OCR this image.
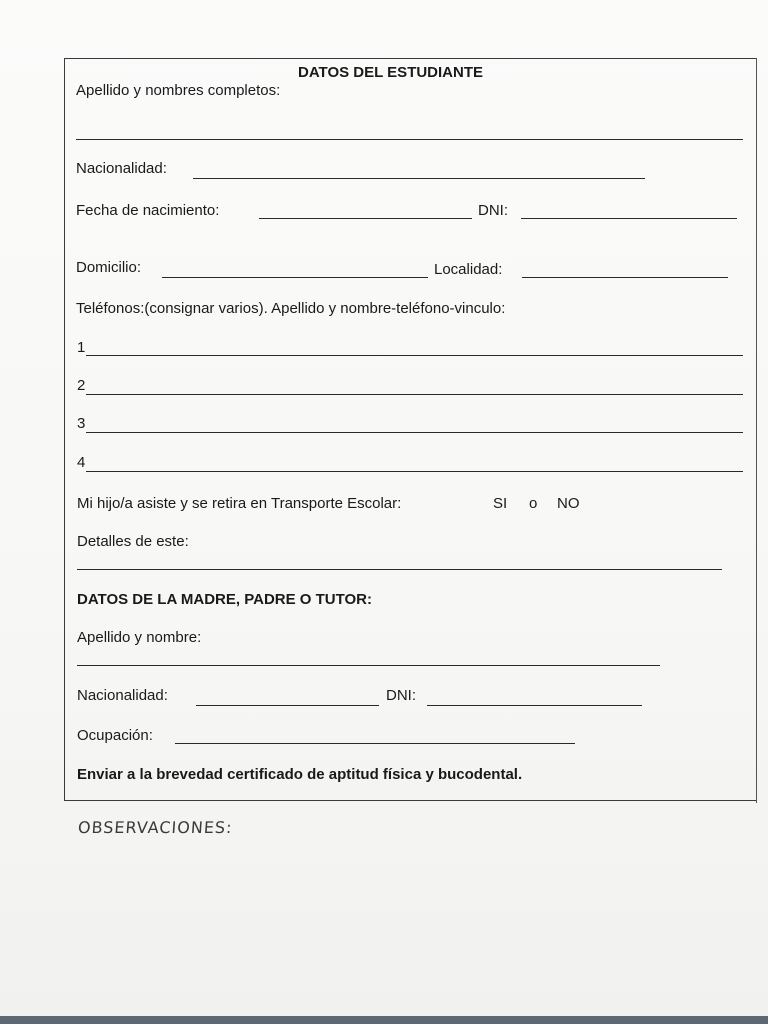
DATOS DEL ESTUDIANTE
Apellido y nombres completos:
Nacionalidad:
Fecha de nacimiento:	DNI:
Domicilio:	Localidad:
Teléfonos:(consignar varios). Apellido y nombre-teléfono-vinculo:
1
2
3
4
Mi hijo/a asiste y se retira en Transporte Escolar:	SI o NO
Detalles de este:
DATOS DE LA MADRE, PADRE O TUTOR:
Apellido y nombre:
Nacionalidad:	DNI:
Ocupación:
Enviar a la brevedad certificado de aptitud física y bucodental.
OBSERVACIONES:
